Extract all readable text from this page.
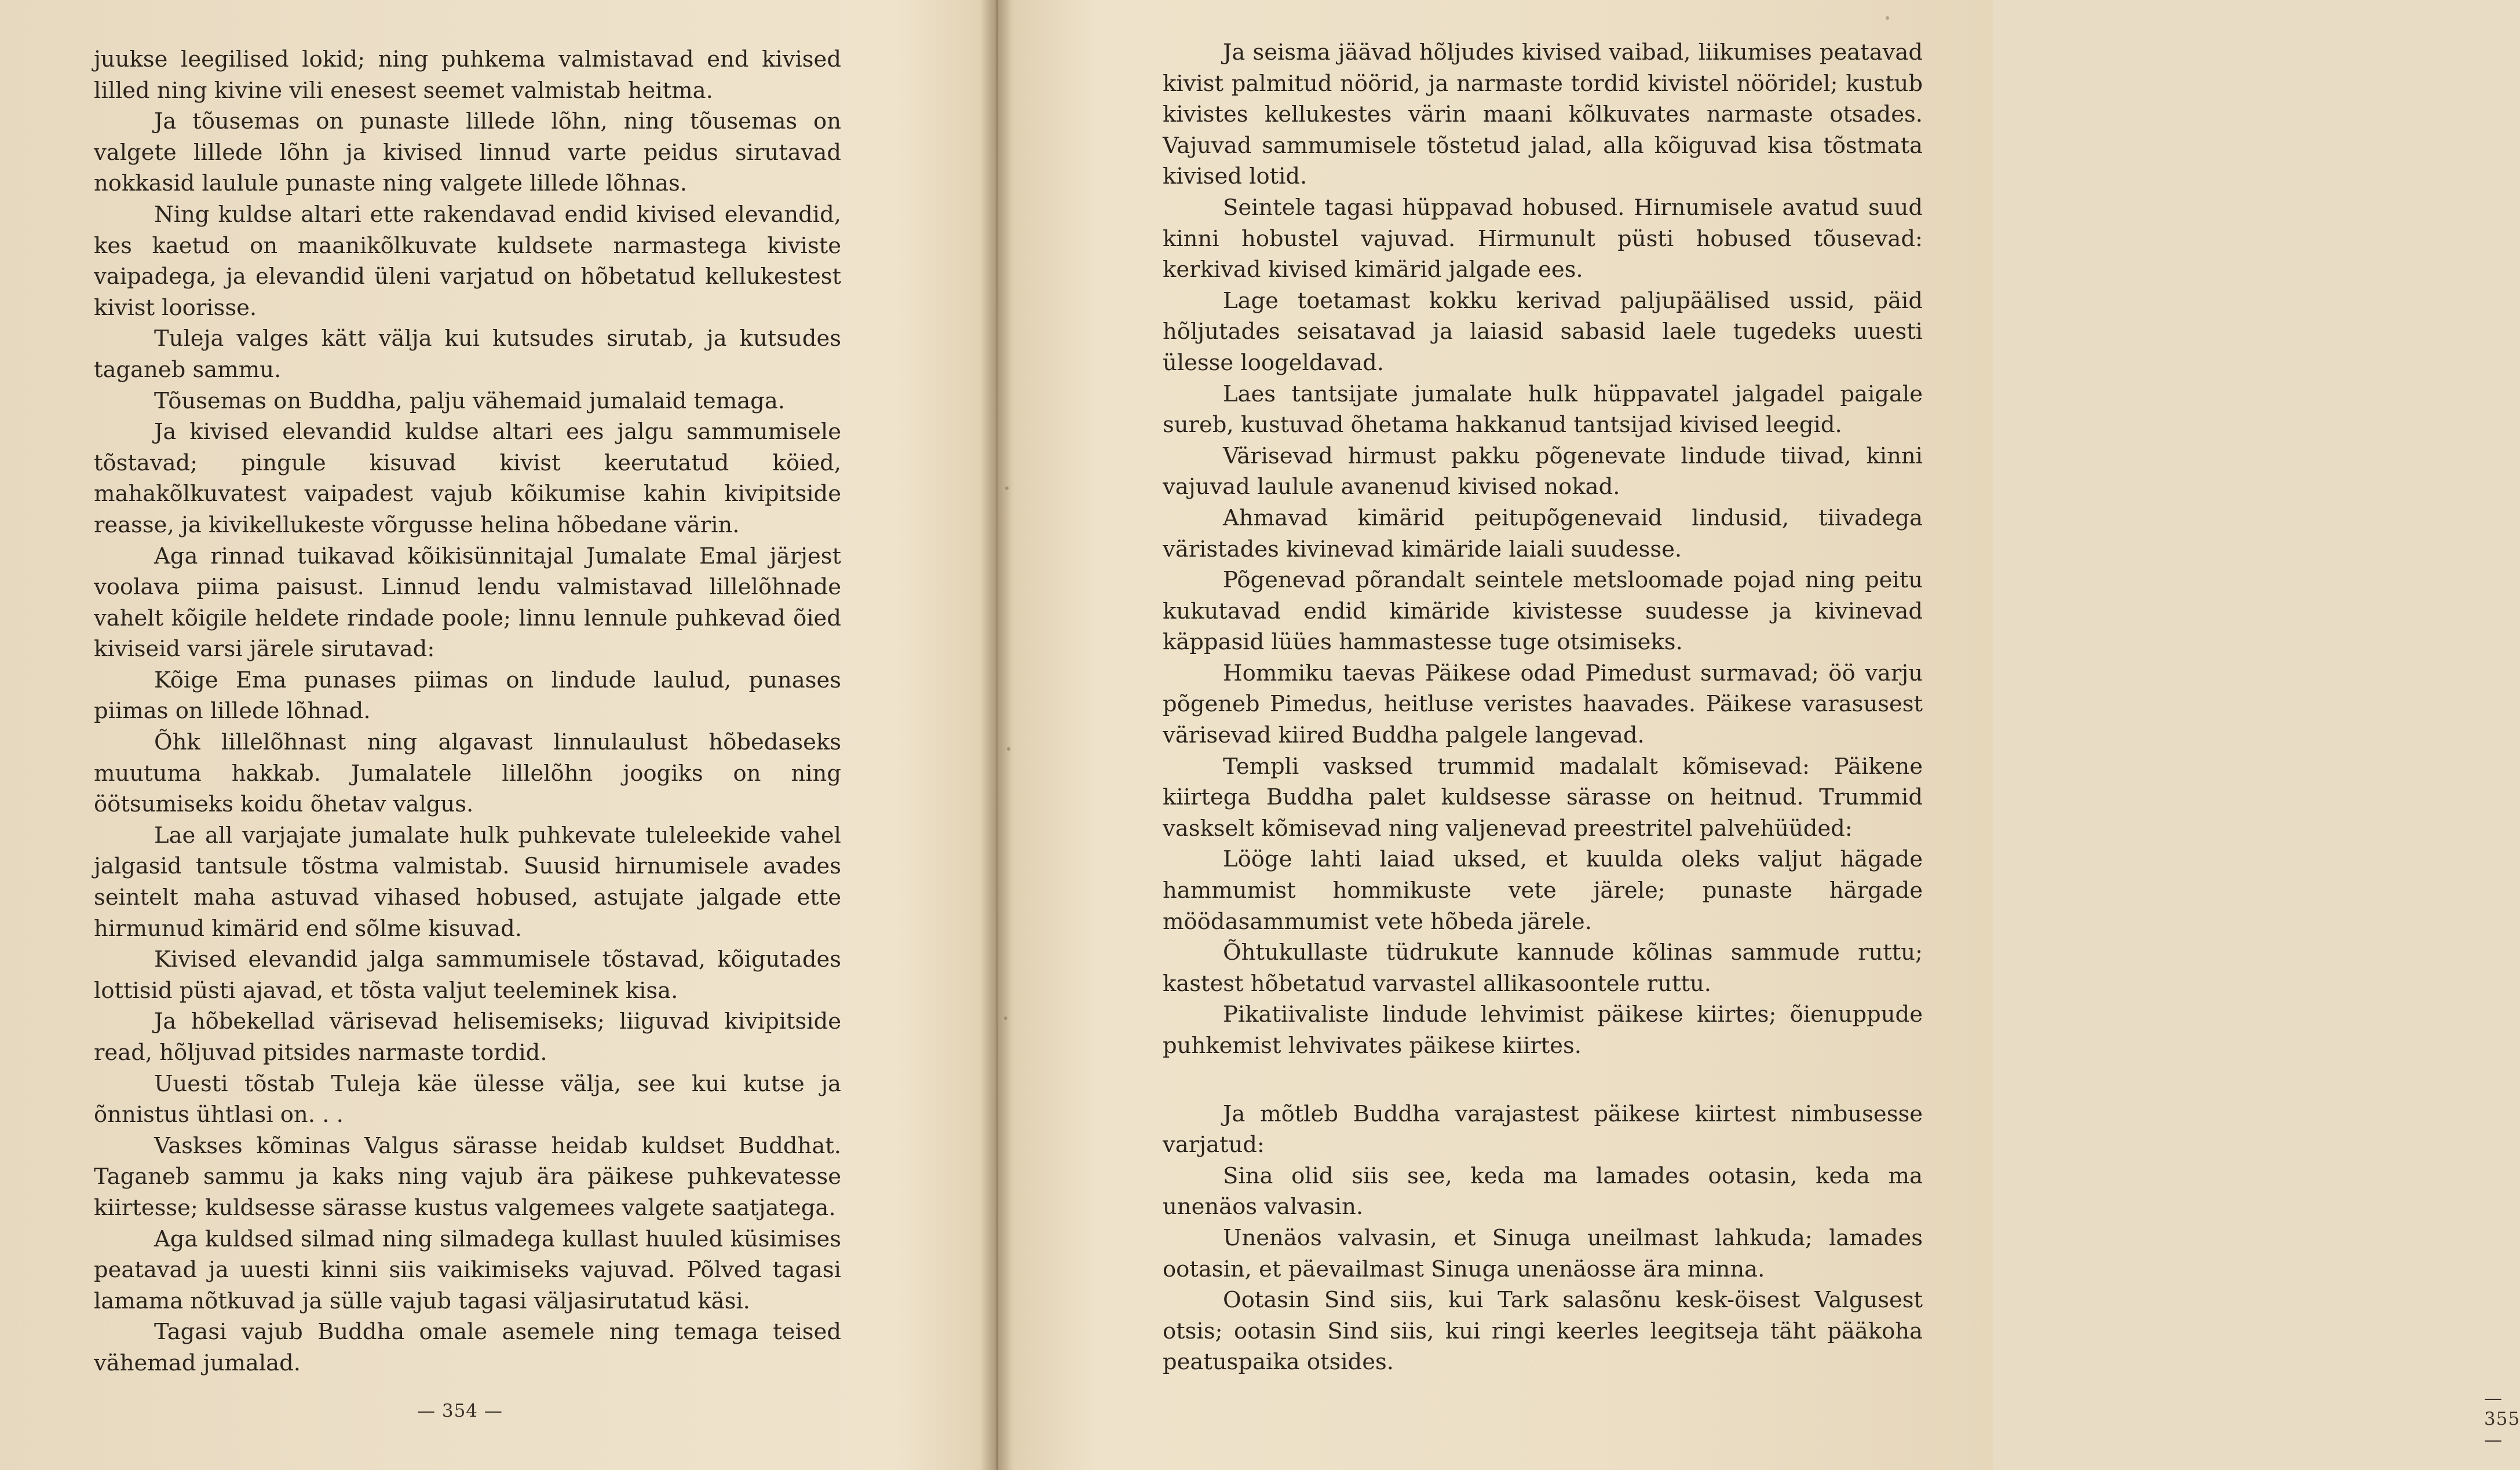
juukse leegilised lokid; ning puhkema valmistavad end kivised lilled ning kivine vili enesest seemet valmistab heitma.

Ja tõusemas on punaste lillede lõhn, ning tõusemas on valgete lillede lõhn ja kivised linnud varte peidus sirutavad nokkasid laulule punaste ning valgete lillede lõhnas.

Ning kuldse altari ette rakendavad endid kivised elevandid, kes kaetud on maanikõlkuvate kuldsete narmastega kiviste vaipadega, ja elevandid üleni varjatud on hõbetatud kellukestest kivist loorisse.

Tuleja valges kätt välja kui kutsudes sirutab, ja kutsudes taganeb sammu.

Tõusemas on Buddha, palju vähemaid jumalaid temaga.

Ja kivised elevandid kuldse altari ees jalgu sammumisele tõstavad; pingule kisuvad kivist keerutatud köied, mahakõlkuvatest vaipadest vajub kõikumise kahin kivipitside reasse, ja kivikellukeste võrgusse helina hõbedane värin.

Aga rinnad tuikavad kõikisünnitajal Jumalate Emal järjest voolava piima paisust. Linnud lendu valmistavad lillelõhnade vahelt kõigile heldete rindade poole; linnu lennule puhkevad õied kiviseid varsi järele sirutavad:

Kõige Ema punases piimas on lindude laulud, punases piimas on lillede lõhnad.

Õhk lillelõhnast ning algavast linnulaulust hõbedaseks muutuma hakkab. Jumalatele lillelõhn joogiks on ning öötsumiseks koidu õhetav valgus.

Lae all varjajate jumalate hulk puhkevate tuleleekide vahel jalgasid tantsule tõstma valmistab. Suusid hirnumisele avades seintelt maha astuvad vihased hobused, astujate jalgade ette hirmunud kimärid end sõlme kisuvad.

Kivised elevandid jalga sammumisele tõstavad, kõigutades lottisid püsti ajavad, et tõsta valjut teeleminek kisa.

Ja hõbekellad värisevad helisemiseks; liiguvad kivipitside read, hõljuvad pitsides narmaste tordid.

Uuesti tõstab Tuleja käe ülesse välja, see kui kutse ja õnnistus ühtlasi on. . .

Vaskses kõminas Valgus särasse heidab kuldset Buddhat. Taganeb sammu ja kaks ning vajub ära päikese puhkevatesse kiirtesse; kuldsesse särasse kustus valgemees valgete saatjatega.

Aga kuldsed silmad ning silmadega kullast huuled küsimises peatavad ja uuesti kinni siis vaikimiseks vajuvad. Põlved tagasi lamama nõtkuvad ja sülle vajub tagasi väljasirutatud käsi.

Tagasi vajub Buddha omale asemele ning temaga teised vähemad jumalad.

— 354 —

Ja seisma jäävad hõljudes kivised vaibad, liikumises peatavad kivist palmitud nöörid, ja narmaste tordid kivistel nööridel; kustub kivistes kellukestes värin maani kõlkuvates narmaste otsades. Vajuvad sammumisele tõstetud jalad, alla kõiguvad kisa tõstmata kivised lotid.

Seintele tagasi hüppavad hobused. Hirnumisele avatud suud kinni hobustel vajuvad. Hirmunult püsti hobused tõusevad: kerkivad kivised kimärid jalgade ees.

Lage toetamast kokku kerivad paljupäälised ussid, päid hõljutades seisatavad ja laiasid sabasid laele tugedeks uuesti ülesse loogeldavad.

Laes tantsijate jumalate hulk hüppavatel jalgadel paigale sureb, kustuvad õhetama hakkanud tantsijad kivised leegid.

Värisevad hirmust pakku põgenevate lindude tiivad, kinni vajuvad laulule avanenud kivised nokad.

Ahmavad kimärid peitupõgenevaid lindusid, tiivadega väristades kivinevad kimäride laiali suudesse.

Põgenevad põrandalt seintele metsloomade pojad ning peitu kukutavad endid kimäride kivistesse suudesse ja kivinevad käppasid lüües hammastesse tuge otsimiseks.

Hommiku taevas Päikese odad Pimedust surmavad; öö varju põgeneb Pimedus, heitluse veristes haavades. Päikese varasusest värisevad kiired Buddha palgele langevad.

Templi vasksed trummid madalalt kõmisevad: Päikene kiirtega Buddha palet kuldsesse särasse on heitnud. Trummid vaskselt kõmisevad ning valjenevad preestritel palvehüüded:

Lööge lahti laiad uksed, et kuulda oleks valjut hägade hammumist hommikuste vete järele; punaste härgade möödasammumist vete hõbeda järele.

Õhtukullaste tüdrukute kannude kõlinas sammude ruttu; kastest hõbetatud varvastel allikasoontele ruttu.

Pikatiivaliste lindude lehvimist päikese kiirtes; õienuppude puhkemist lehvivates päikese kiirtes.

Ja mõtleb Buddha varajastest päikese kiirtest nimbusesse varjatud:

Sina olid siis see, keda ma lamades ootasin, keda ma unenäos valvasin.

Unenäos valvasin, et Sinuga uneilmast lahkuda; lamades ootasin, et päevailmast Sinuga unenäosse ära minna.

Ootasin Sind siis, kui Tark salasõnu kesk-öisest Valgusest otsis; ootasin Sind siis, kui ringi keerles leegitseja täht pääkoha peatuspaika otsides.

— 355 —
